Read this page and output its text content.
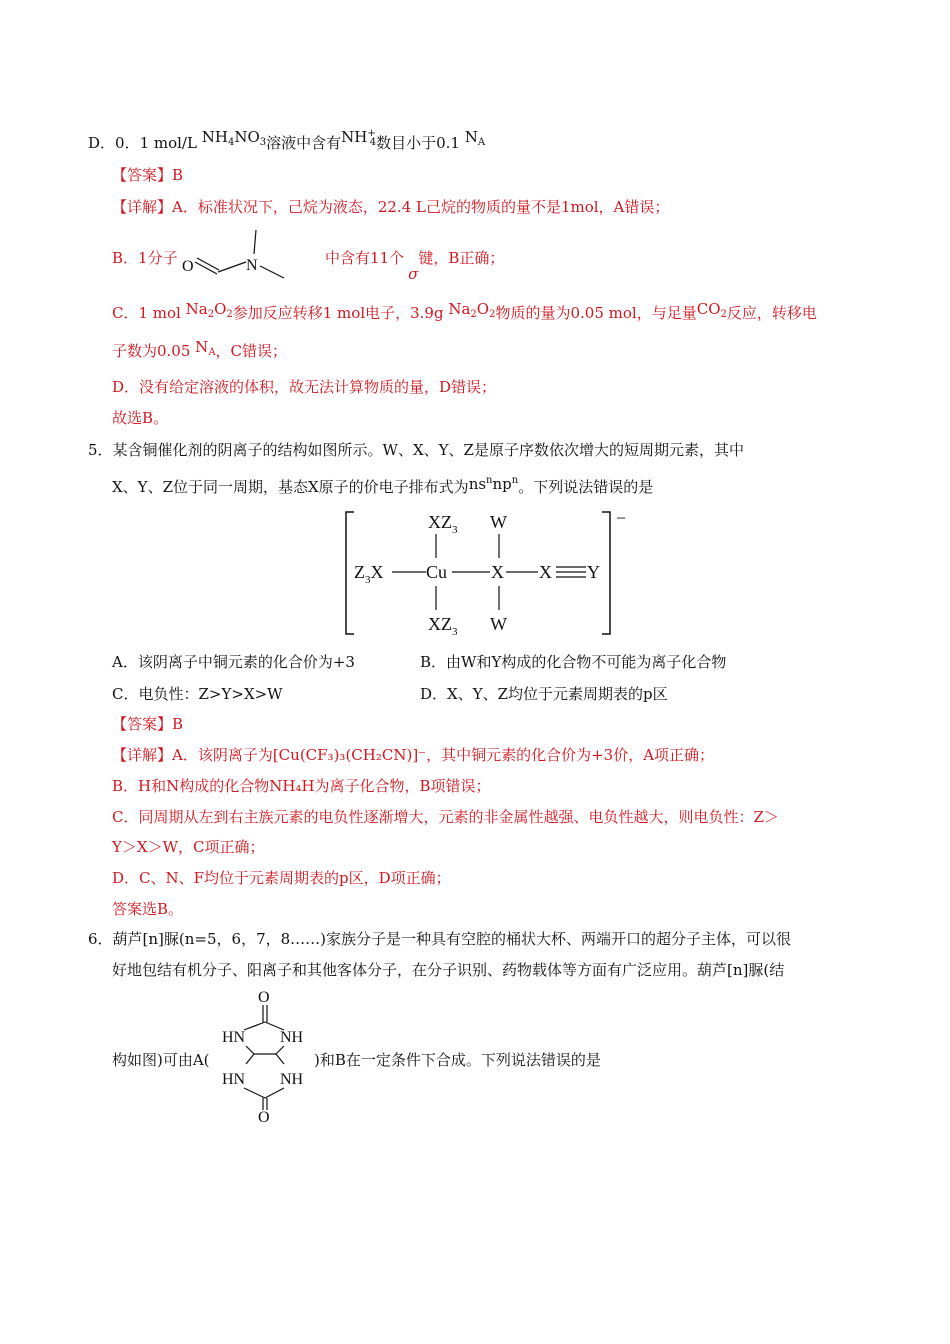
D．0．1 mol/L $NH_4NO_3$溶液中含有$NH^+_4$数目小于0.1 $N_A$
【答案】B
【详解】A．标准状况下，己烷为液态，22.4 L己烷的物质的量不是1mol，A错误；
B．1分子 O	N	中含有11个σ键，B正确；
C．1 mol $Na_2O_2$参加反应转移1 mol电子，3.9g $Na_2O_2$物质的量为0.05 mol，与足量$CO_2$反应，转移电
子数为0.05 $N_A$，C错误；
D．没有给定溶液的体积，故无法计算物质的量，D错误；
故选B。
5．某含铜催化剂的阴离子的结构如图所示。W、X、Y、Z是原子序数依次增大的短周期元素，其中
X、Y、Z位于同一周期，基态X原子的价电子排布式为$ns^nnp^n$。下列说法错误的是
−
$XZ_3$ W
$Z_3X$ Cu X X Y
$XZ_3$ W
A．该阴离子中铜元素的化合价为+3	B．由W和Y构成的化合物不可能为离子化合物
C．电负性：Z>Y>X>W	D．X、Y、Z均位于元素周期表的p区
【答案】B
【详解】A．该阴离子为[Cu(CF₃)₃(CH₂CN)]⁻，其中铜元素的化合价为+3价，A项正确；
B．H和N构成的化合物NH₄H为离子化合物，B项错误；
C．同周期从左到右主族元素的电负性逐渐增大，元素的非金属性越强、电负性越大，则电负性：Z＞
Y＞X＞W，C项正确；
D．C、N、F均位于元素周期表的p区，D项正确；
答案选B。
6．葫芦[n]脲(n=5，6，7，8……)家族分子是一种具有空腔的桶状大杯、两端开口的超分子主体，可以很
好地包结有机分子、阳离子和其他客体分子，在分子识别、药物载体等方面有广泛应用。葫芦[n]脲(结
构如图)可由A(
O
HN NH
HN NH
O
)和B在一定条件下合成。下列说法错误的是
